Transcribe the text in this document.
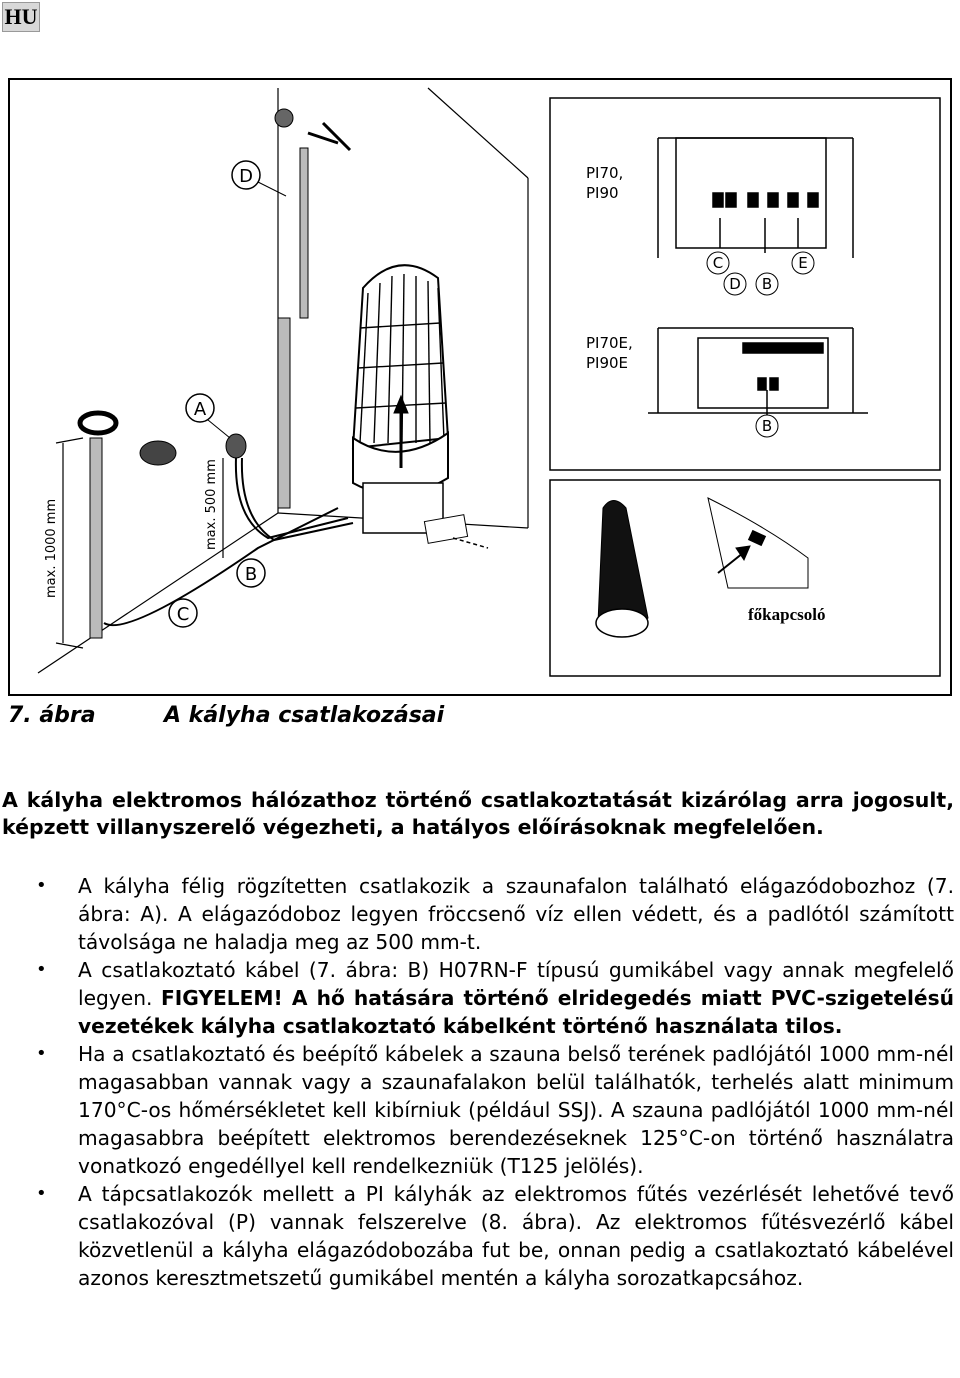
HU
D
max. 1000 mm	max. 500 mm
A
B
C
PI70,
PI90
C
D B
E
PI70E,
PI90E
B
főkapcsoló
7. ábra	A kályha csatlakozásai

A kályha elektromos hálózathoz történő csatlakoztatását kizárólag arra jogosult, képzett villanyszerelő végezheti, a hatályos előírásoknak megfelelően.

• A kályha félig rögzítetten csatlakozik a szaunafalon található elágazódobozhoz (7. ábra: A). A elágazódoboz legyen fröccsenő víz ellen védett, és a padlótól számított távolsága ne haladja meg az 500 mm-t.
• A csatlakoztató kábel (7. ábra: B) H07RN-F típusú gumikábel vagy annak megfelelő legyen. FIGYELEM! A hő hatására történő elridegedés miatt PVC-szigetelésű vezetékek kályha csatlakoztató kábelként történő használata tilos.
• Ha a csatlakoztató és beépítő kábelek a szauna belső terének padlójától 1000 mm-nél magasabban vannak vagy a szaunafalakon belül találhatók, terhelés alatt minimum 170°C-os hőmérsékletet kell kibírniuk (például SSJ). A szauna padlójától 1000 mm-nél magasabbra beépített elektromos berendezéseknek 125°C-on történő használatra vonatkozó engedéllyel kell rendelkezniük (T125 jelölés).
• A tápcsatlakozók mellett a PI kályhák az elektromos fűtés vezérlését lehetővé tevő csatlakozóval (P) vannak felszerelve (8. ábra). Az elektromos fűtésvezérlő kábel közvetlenül a kályha elágazódobozába fut be, onnan pedig a csatlakoztató kábelével azonos keresztmetszetű gumikábel mentén a kályha sorozatkapcsához.
